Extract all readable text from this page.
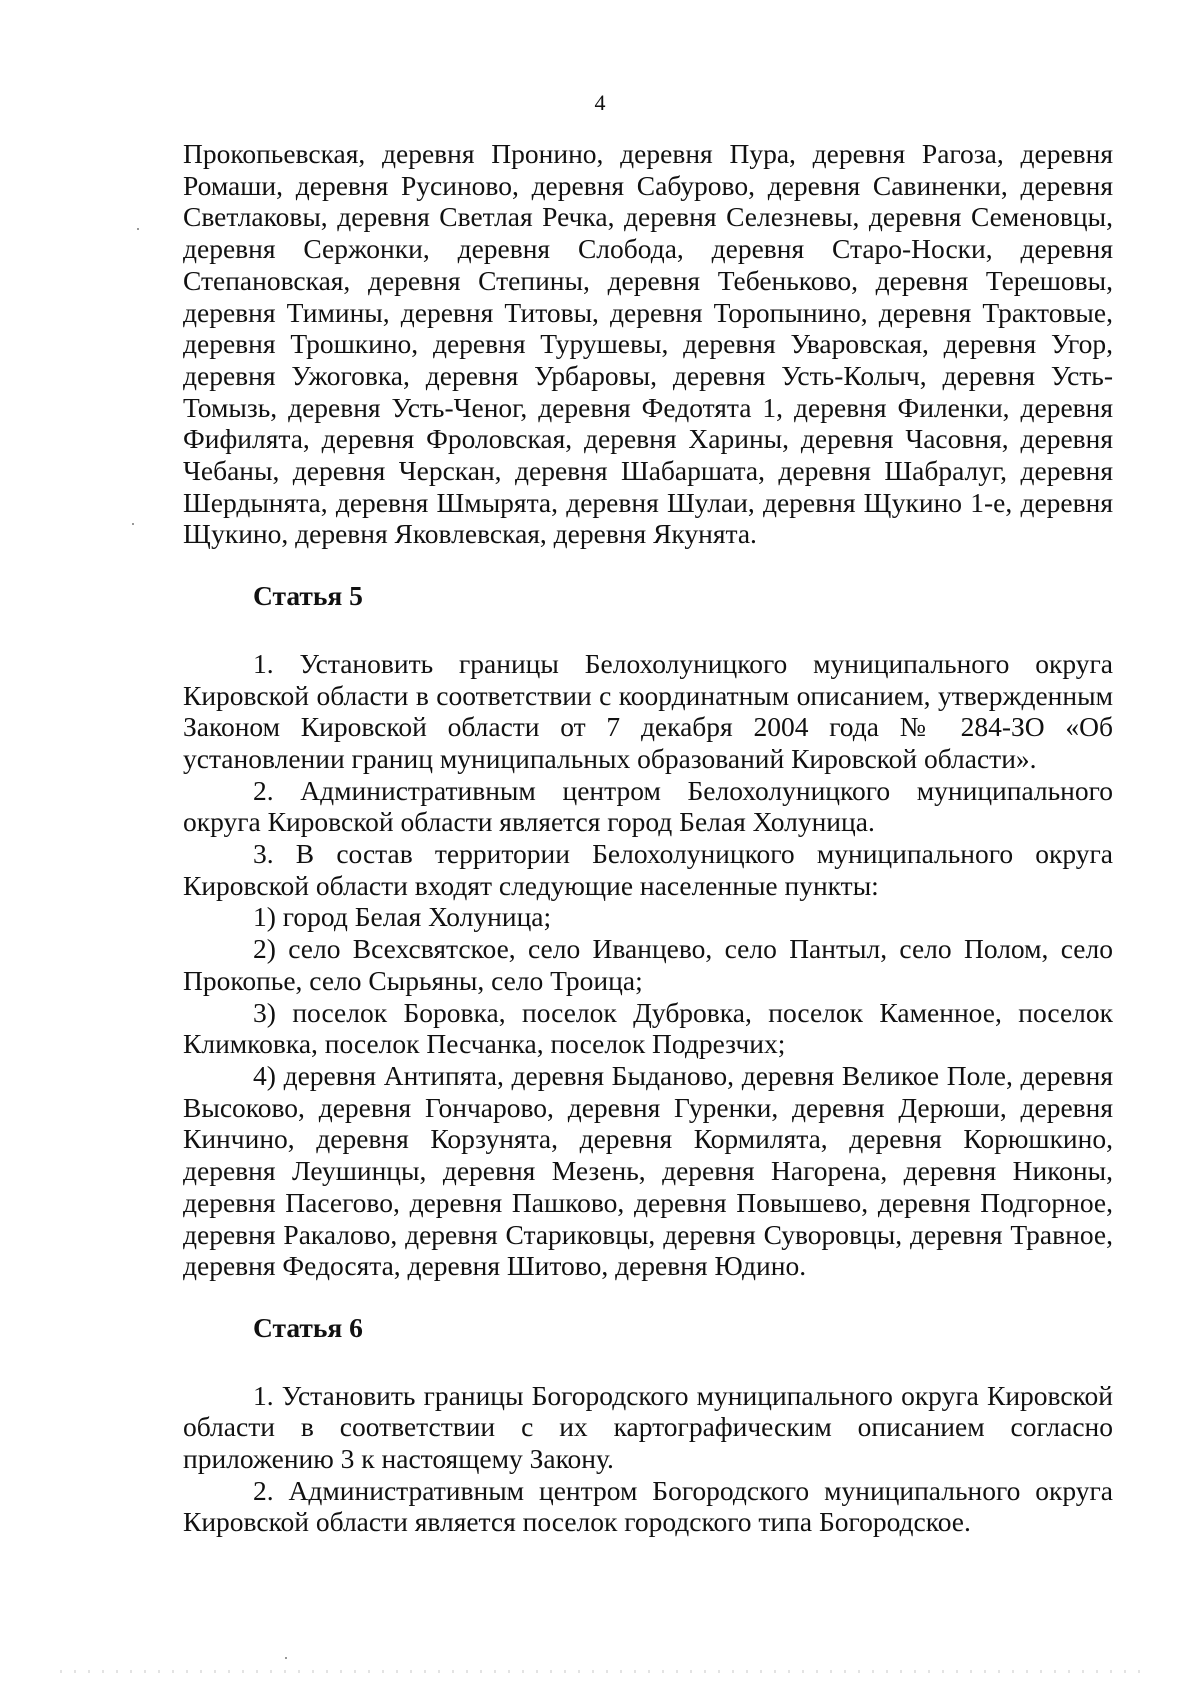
4

Прокопьевская, деревня Пронино, деревня Пура, деревня Рагоза, деревня Ромаши, деревня Русиново, деревня Сабурово, деревня Савиненки, деревня Светлаковы, деревня Светлая Речка, деревня Селезневы, деревня Семеновцы, деревня Сержонки, деревня Слобода, деревня Старо-Носки, деревня Степановская, деревня Степины, деревня Тебеньково, деревня Терешовы, деревня Тимины, деревня Титовы, деревня Торопынино, деревня Трактовые, деревня Трошкино, деревня Турушевы, деревня Уваровская, деревня Угор, деревня Ужоговка, деревня Урбаровы, деревня Усть-Колыч, деревня Усть-Томызь, деревня Усть-Ченог, деревня Федотята 1, деревня Филенки, деревня Фифилята, деревня Фроловская, деревня Харины, деревня Часовня, деревня Чебаны, деревня Черскан, деревня Шабаршата, деревня Шабралуг, деревня Шердынята, деревня Шмырята, деревня Шулаи, деревня Щукино 1-е, деревня Щукино, деревня Яковлевская, деревня Якунята.

Статья 5

1. Установить границы Белохолуницкого муниципального округа Кировской области в соответствии с координатным описанием, утвержденным Законом Кировской области от 7 декабря 2004 года № 284-ЗО «Об установлении границ муниципальных образований Кировской области».

2. Административным центром Белохолуницкого муниципального округа Кировской области является город Белая Холуница.

3. В состав территории Белохолуницкого муниципального округа Кировской области входят следующие населенные пункты:

1) город Белая Холуница;

2) село Всехсвятское, село Иванцево, село Пантыл, село Полом, село Прокопье, село Сырьяны, село Троица;

3) поселок Боровка, поселок Дубровка, поселок Каменное, поселок Климковка, поселок Песчанка, поселок Подрезчих;

4) деревня Антипята, деревня Быданово, деревня Великое Поле, деревня Высоково, деревня Гончарово, деревня Гуренки, деревня Дерюши, деревня Кинчино, деревня Корзунята, деревня Кормилята, деревня Корюшкино, деревня Леушинцы, деревня Мезень, деревня Нагорена, деревня Никоны, деревня Пасегово, деревня Пашково, деревня Повышево, деревня Подгорное, деревня Ракалово, деревня Стариковцы, деревня Суворовцы, деревня Травное, деревня Федосята, деревня Шитово, деревня Юдино.

Статья 6

1. Установить границы Богородского муниципального округа Кировской области в соответствии с их картографическим описанием согласно приложению 3 к настоящему Закону.

2. Административным центром Богородского муниципального округа Кировской области является поселок городского типа Богородское.
